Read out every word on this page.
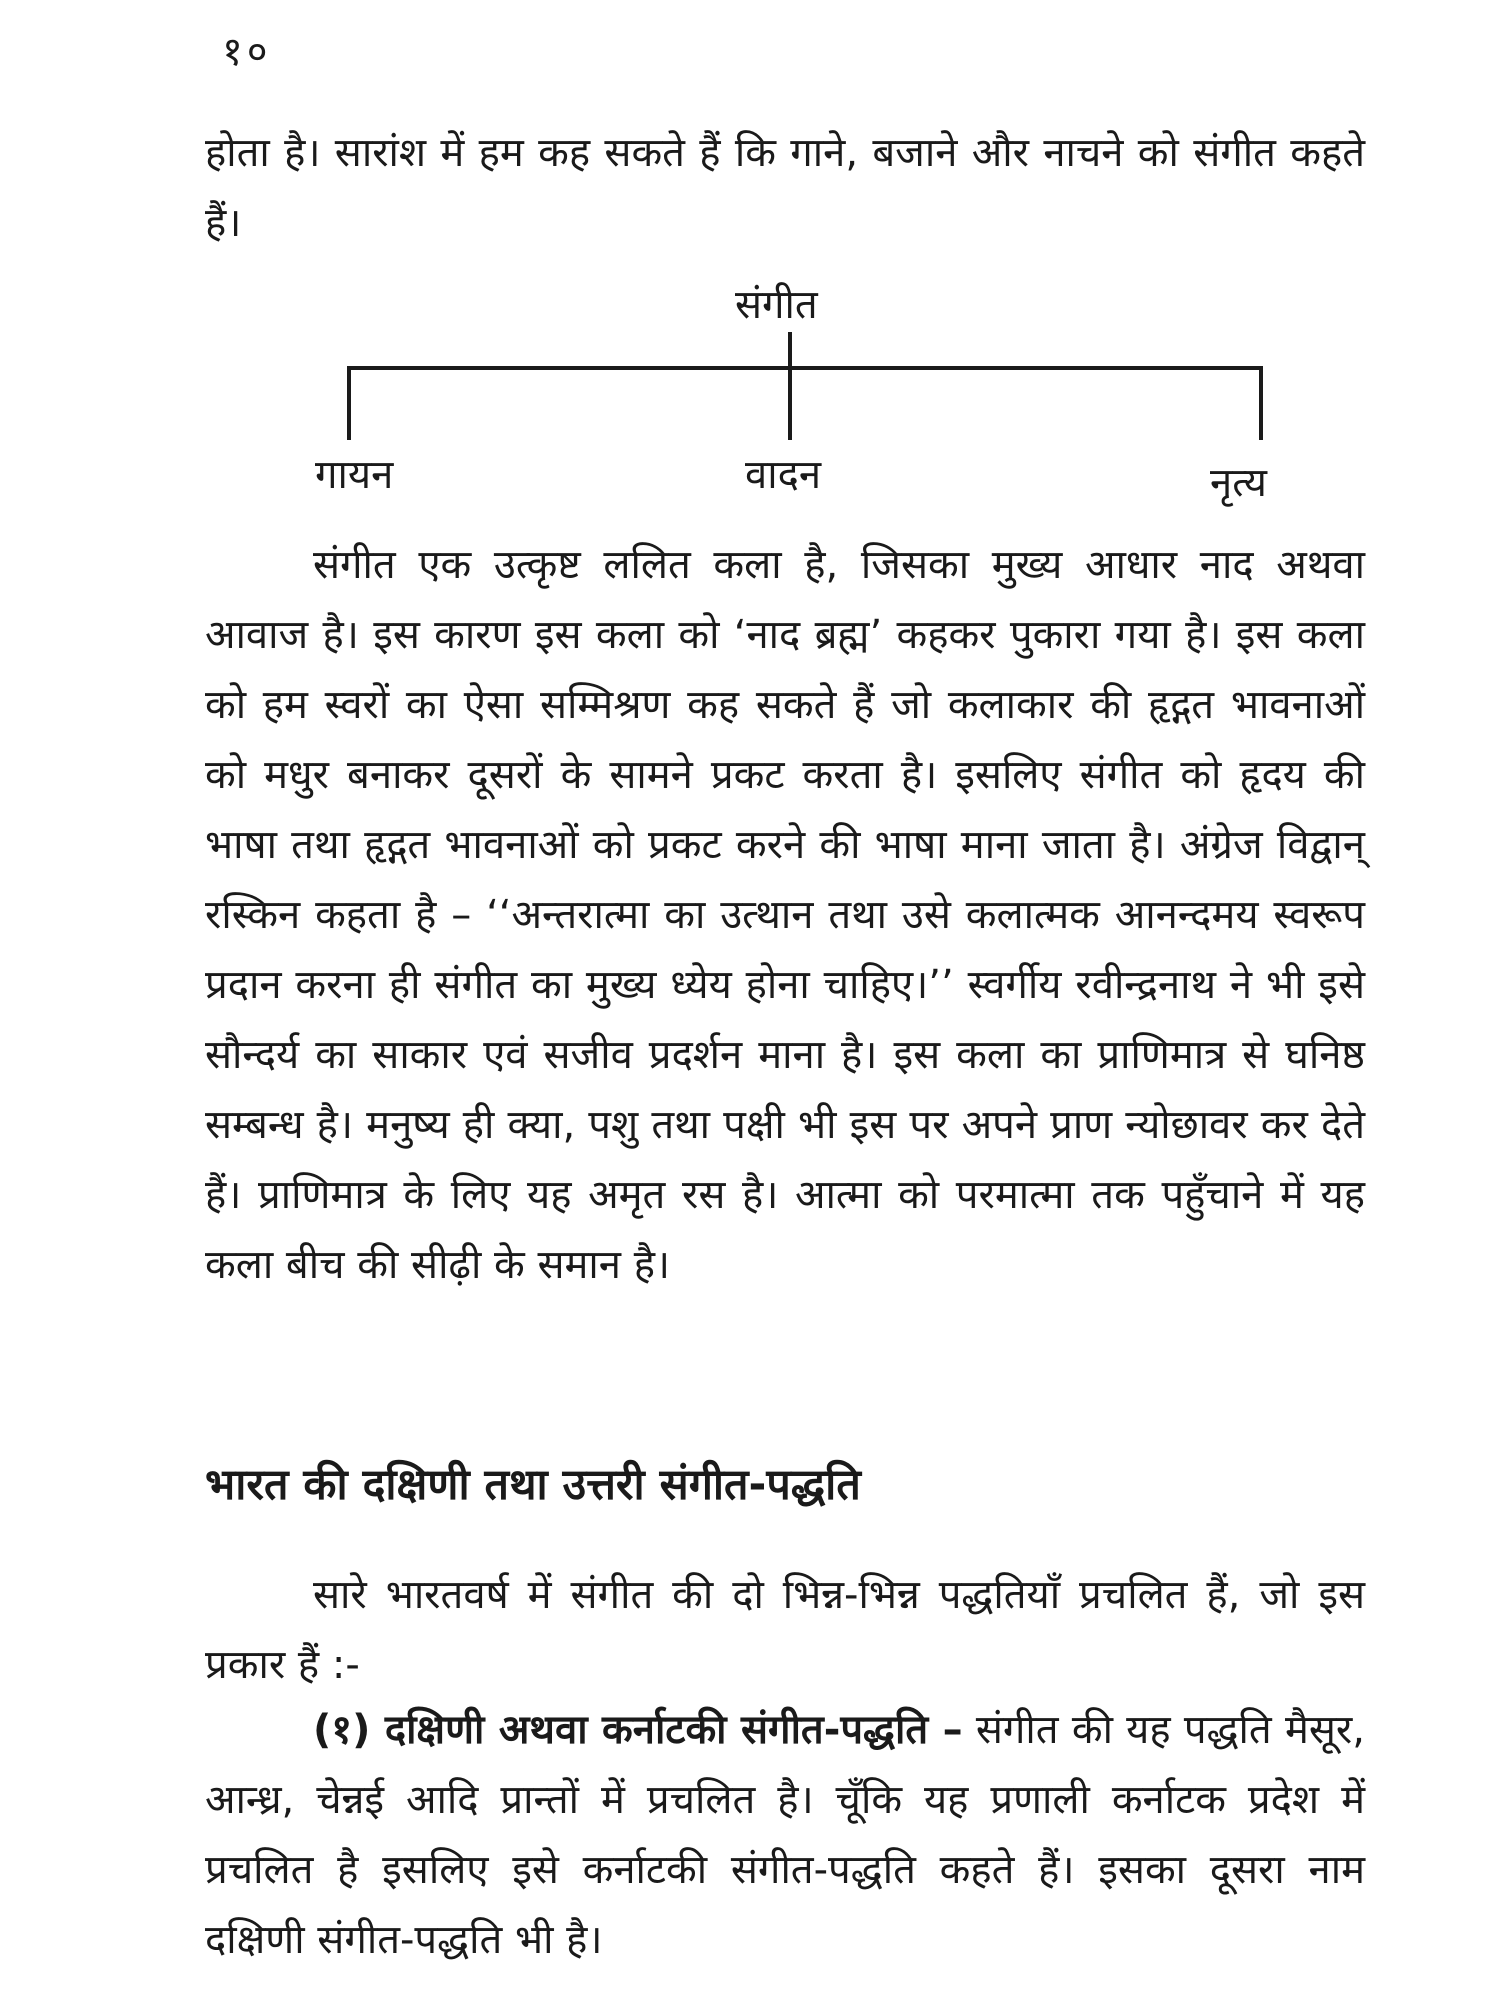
१०
होता है। सारांश में हम कह सकते हैं कि गाने, बजाने और नाचने को संगीत कहते हैं।
संगीत
गायन	वादन	नृत्य
संगीत एक उत्कृष्ट ललित कला है, जिसका मुख्य आधार नाद अथवा आवाज है। इस कारण इस कला को ‘नाद ब्रह्म’ कहकर पुकारा गया है। इस कला को हम स्वरों का ऐसा सम्मिश्रण कह सकते हैं जो कलाकार की हृद्गत भावनाओं को मधुर बनाकर दूसरों के सामने प्रकट करता है। इसलिए संगीत को हृदय की भाषा तथा हृद्गत भावनाओं को प्रकट करने की भाषा माना जाता है। अंग्रेज विद्वान् रस्किन कहता है – ‘‘अन्तरात्मा का उत्थान तथा उसे कलात्मक आनन्दमय स्वरूप प्रदान करना ही संगीत का मुख्य ध्येय होना चाहिए।’’ स्वर्गीय रवीन्द्रनाथ ने भी इसे सौन्दर्य का साकार एवं सजीव प्रदर्शन माना है। इस कला का प्राणिमात्र से घनिष्ठ सम्बन्ध है। मनुष्य ही क्या, पशु तथा पक्षी भी इस पर अपने प्राण न्योछावर कर देते हैं। प्राणिमात्र के लिए यह अमृत रस है। आत्मा को परमात्मा तक पहुँचाने में यह कला बीच की सीढ़ी के समान है।
भारत की दक्षिणी तथा उत्तरी संगीत-पद्धति
सारे भारतवर्ष में संगीत की दो भिन्न-भिन्न पद्धतियाँ प्रचलित हैं, जो इस प्रकार हैं :-
(१) दक्षिणी अथवा कर्नाटकी संगीत-पद्धति – संगीत की यह पद्धति मैसूर, आन्ध्र, चेन्नई आदि प्रान्तों में प्रचलित है। चूँकि यह प्रणाली कर्नाटक प्रदेश में प्रचलित है इसलिए इसे कर्नाटकी संगीत-पद्धति कहते हैं। इसका दूसरा नाम दक्षिणी संगीत-पद्धति भी है।
